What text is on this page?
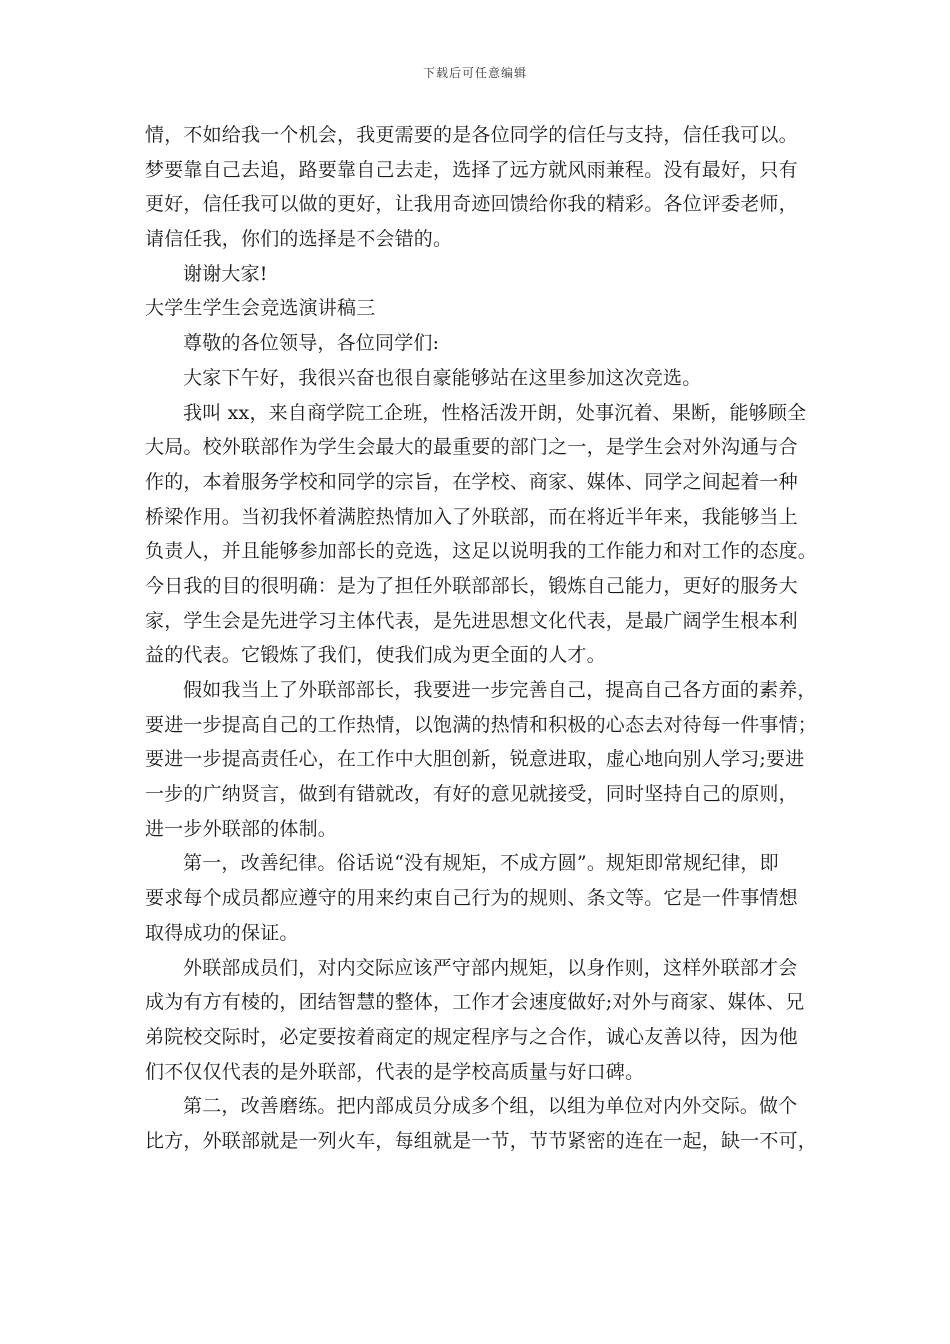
下载后可任意编辑
情，不如给我一个机会，我更需要的是各位同学的信任与支持，信任我可以。
梦要靠自己去追，路要靠自己去走，选择了远方就风雨兼程。没有最好，只有
更好，信任我可以做的更好，让我用奇迹回馈给你我的精彩。各位评委老师，
请信任我，你们的选择是不会错的。
谢谢大家!
大学生学生会竞选演讲稿三
尊敬的各位领导，各位同学们:
大家下午好，我很兴奋也很自豪能够站在这里参加这次竞选。
我叫 xx，来自商学院工企班，性格活泼开朗，处事沉着、果断，能够顾全
大局。校外联部作为学生会最大的最重要的部门之一，是学生会对外沟通与合
作的，本着服务学校和同学的宗旨，在学校、商家、媒体、同学之间起着一种
桥梁作用。当初我怀着满腔热情加入了外联部，而在将近半年来，我能够当上
负责人，并且能够参加部长的竞选，这足以说明我的工作能力和对工作的态度。
今日我的目的很明确：是为了担任外联部部长，锻炼自己能力，更好的服务大
家，学生会是先进学习主体代表，是先进思想文化代表，是最广阔学生根本利
益的代表。它锻炼了我们，使我们成为更全面的人才。
假如我当上了外联部部长，我要进一步完善自己，提高自己各方面的素养，
要进一步提高自己的工作热情，以饱满的热情和积极的心态去对待每一件事情；
要进一步提高责任心，在工作中大胆创新，锐意进取，虚心地向别人学习;要进
一步的广纳贤言，做到有错就改，有好的意见就接受，同时坚持自己的原则，
进一步外联部的体制。
第一，改善纪律。俗话说“没有规矩，不成方圆”。规矩即常规纪律，即
要求每个成员都应遵守的用来约束自己行为的规则、条文等。它是一件事情想
取得成功的保证。
外联部成员们，对内交际应该严守部内规矩，以身作则，这样外联部才会
成为有方有棱的，团结智慧的整体，工作才会速度做好;对外与商家、媒体、兄
弟院校交际时，必定要按着商定的规定程序与之合作，诚心友善以待，因为他
们不仅仅代表的是外联部，代表的是学校高质量与好口碑。
第二，改善磨练。把内部成员分成多个组，以组为单位对内外交际。做个
比方，外联部就是一列火车，每组就是一节，节节紧密的连在一起，缺一不可，
